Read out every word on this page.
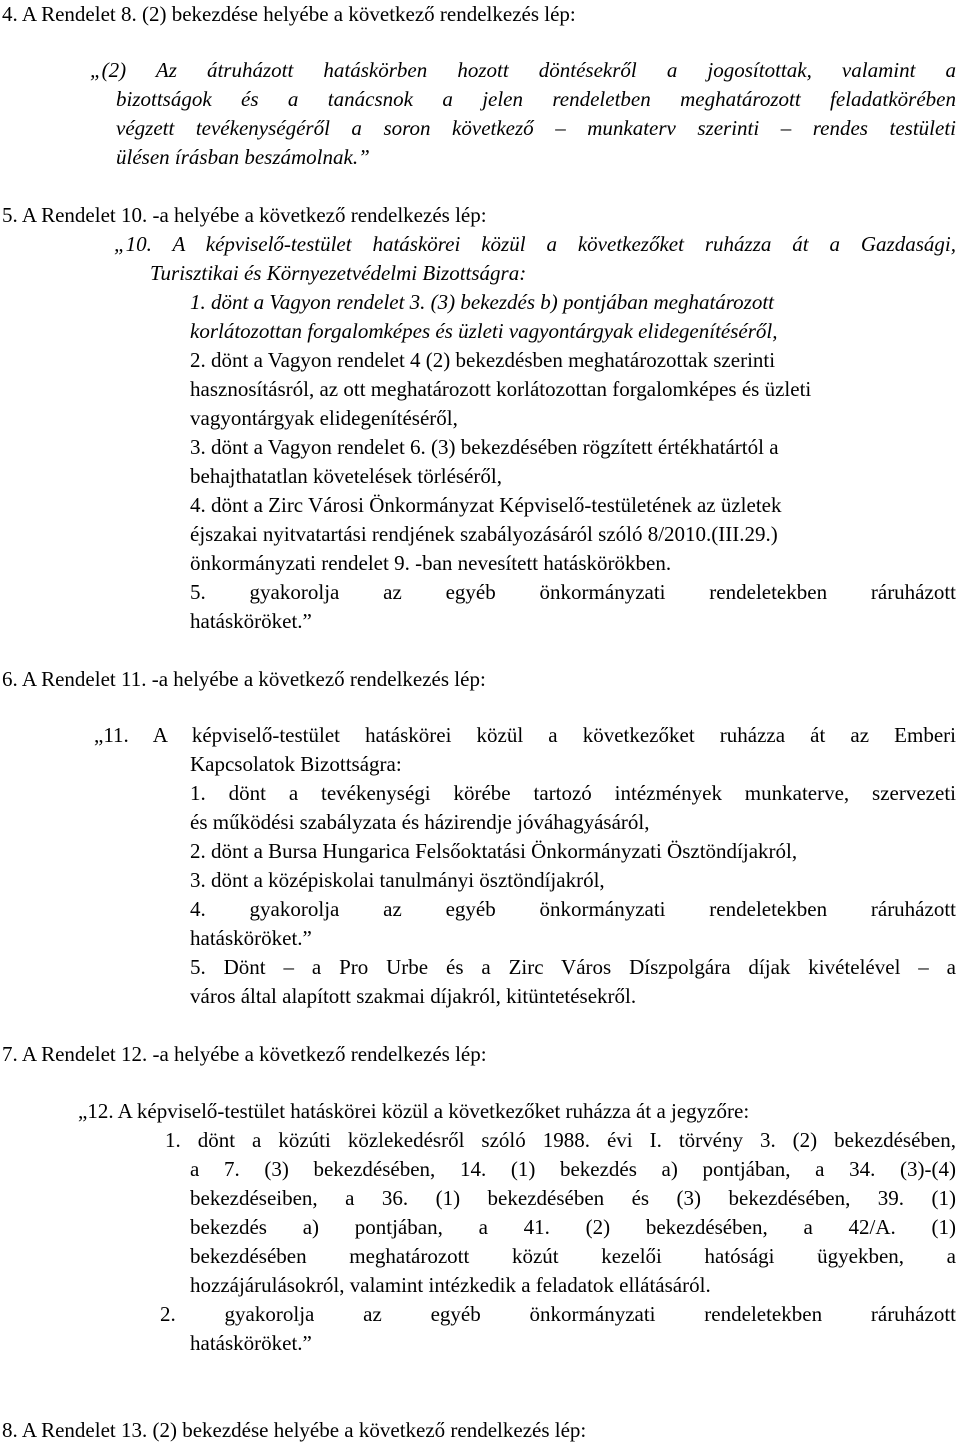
4. A Rendelet 8. (2) bekezdése helyébe a következő rendelkezés lép:
„(2) Az átruházott hatáskörben hozott döntésekről a jogosítottak, valamint a
bizottságok és a tanácsnok a jelen rendeletben meghatározott feladatkörében
végzett tevékenységéről a soron következő – munkaterv szerinti – rendes testületi
ülésen írásban beszámolnak.”
5. A Rendelet 10. -a helyébe a következő rendelkezés lép:
„10. A képviselő-testület hatáskörei közül a következőket ruházza át a Gazdasági,
Turisztikai és Környezetvédelmi Bizottságra:
1. dönt a Vagyon rendelet 3. (3) bekezdés b) pontjában meghatározott
korlátozottan forgalomképes és üzleti vagyontárgyak elidegenítéséről,
2. dönt a Vagyon rendelet 4 (2) bekezdésben meghatározottak szerinti
hasznosításról, az ott meghatározott korlátozottan forgalomképes és üzleti
vagyontárgyak elidegenítéséről,
3. dönt a Vagyon rendelet 6. (3) bekezdésében rögzített értékhatártól a
behajthatatlan követelések törléséről,
4. dönt a Zirc Városi Önkormányzat Képviselő-testületének az üzletek
éjszakai nyitvatartási rendjének szabályozásáról szóló 8/2010.(III.29.)
önkormányzati rendelet 9. -ban nevesített hatáskörökben.
5. gyakorolja az egyéb önkormányzati rendeletekben ráruházott
hatásköröket.”
6. A Rendelet 11. -a helyébe a következő rendelkezés lép:
„11. A képviselő-testület hatáskörei közül a következőket ruházza át az Emberi
Kapcsolatok Bizottságra:
1. dönt a tevékenységi körébe tartozó intézmények munkaterve, szervezeti
és működési szabályzata és házirendje jóváhagyásáról,
2. dönt a Bursa Hungarica Felsőoktatási Önkormányzati Ösztöndíjakról,
3. dönt a középiskolai tanulmányi ösztöndíjakról,
4. gyakorolja az egyéb önkormányzati rendeletekben ráruházott
hatásköröket.”
5. Dönt – a Pro Urbe és a Zirc Város Díszpolgára díjak kivételével – a
város által alapított szakmai díjakról, kitüntetésekről.
7. A Rendelet 12. -a helyébe a következő rendelkezés lép:
„12. A képviselő-testület hatáskörei közül a következőket ruházza át a jegyzőre:
1. dönt a közúti közlekedésről szóló 1988. évi I. törvény 3. (2) bekezdésében,
a 7. (3) bekezdésében, 14. (1) bekezdés a) pontjában, a 34. (3)-(4)
bekezdéseiben, a 36. (1) bekezdésében és (3) bekezdésében, 39. (1)
bekezdés a) pontjában, a 41. (2) bekezdésében, a 42/A. (1)
bekezdésében meghatározott közút kezelői hatósági ügyekben, a
hozzájárulásokról, valamint intézkedik a feladatok ellátásáról.
2. gyakorolja az egyéb önkormányzati rendeletekben ráruházott
hatásköröket.”
8. A Rendelet 13. (2) bekezdése helyébe a következő rendelkezés lép:
